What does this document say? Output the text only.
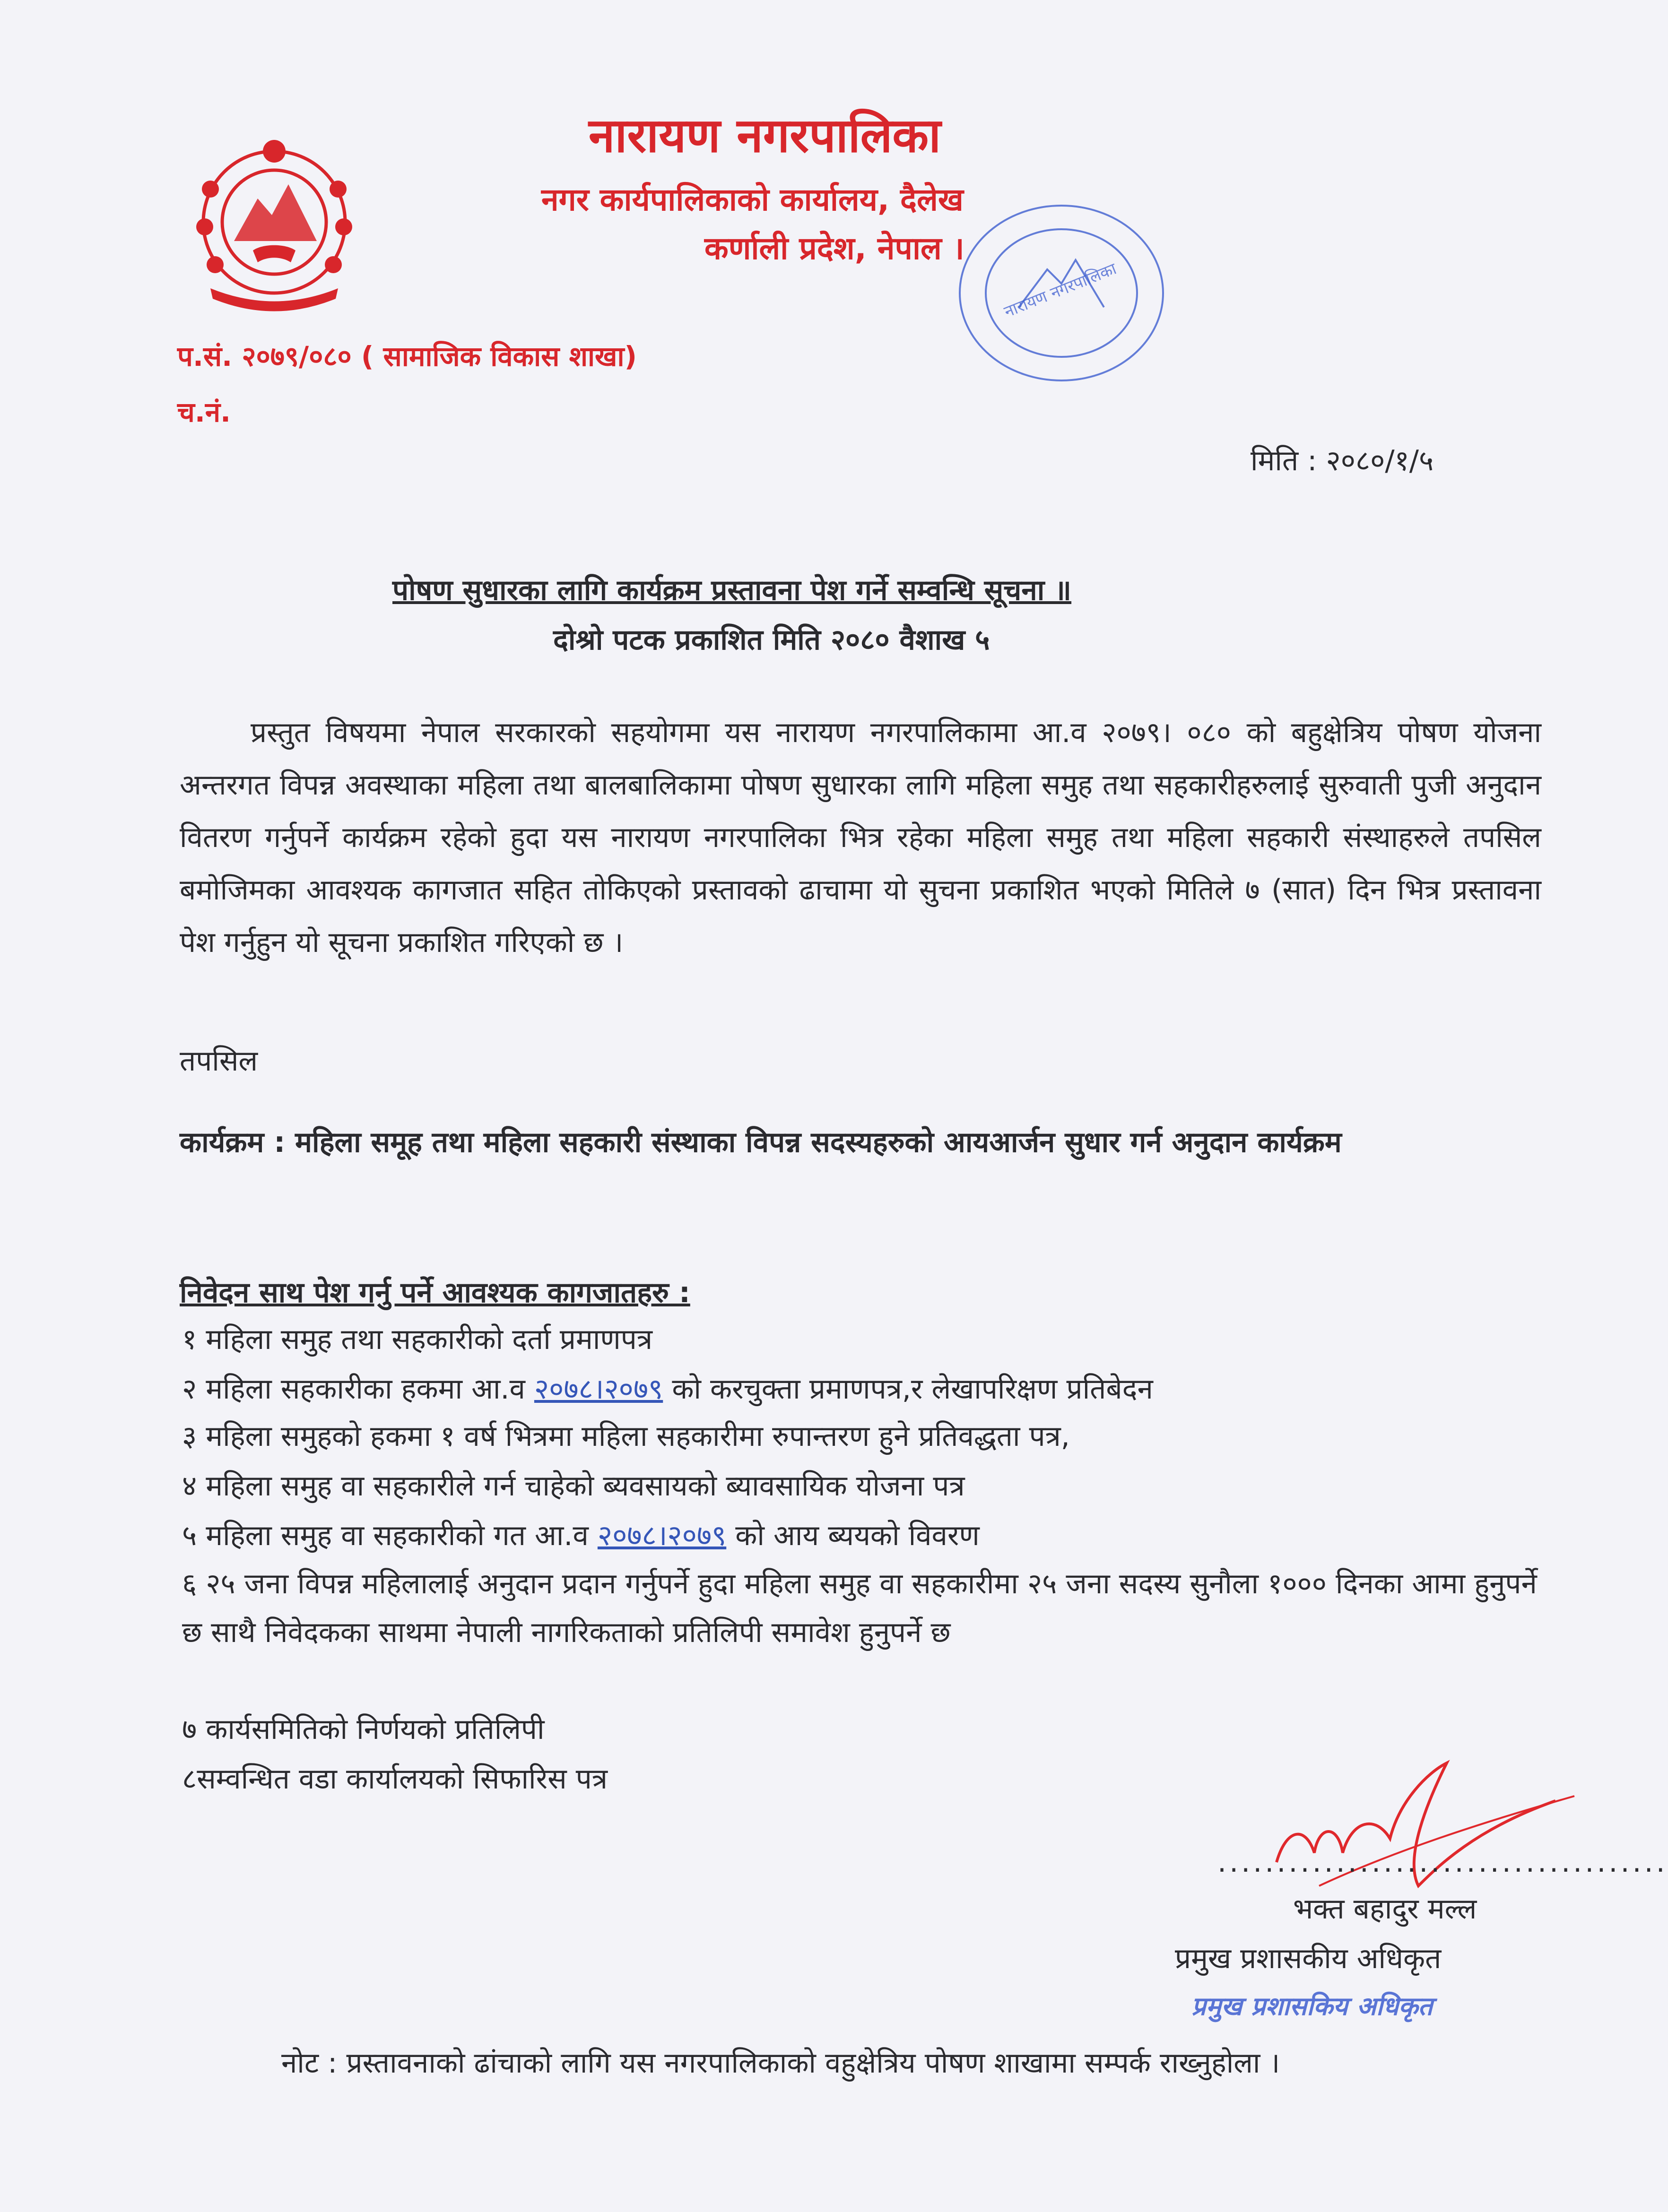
नारायण नगरपालिका
नगर कार्यपालिकाको कार्यालय, दैलेख
कर्णाली प्रदेश, नेपाल ।
नारायण नगरपालिका
प.सं. २०७९/०८० ( सामाजिक विकास शाखा)
च.नं.
मिति : २०८०/१/५
पोषण सुधारका लागि कार्यक्रम प्रस्तावना पेश गर्ने सम्वन्धि सूचना ॥
दोश्रो पटक प्रकाशित मिति २०८० वैशाख ५
प्रस्तुत विषयमा नेपाल सरकारको सहयोगमा यस नारायण नगरपालिकामा आ.व २०७९। ०८० को बहुक्षेत्रिय पोषण योजना अन्तरगत विपन्न अवस्थाका महिला तथा बालबालिकामा पोषण सुधारका लागि महिला समुह तथा सहकारीहरुलाई सुरुवाती पुजी अनुदान वितरण गर्नुपर्ने कार्यक्रम रहेको हुदा यस नारायण नगरपालिका भित्र रहेका महिला समुह तथा महिला सहकारी संस्थाहरुले तपसिल बमोजिमका आवश्यक कागजात सहित तोकिएको प्रस्तावको ढाचामा यो सुचना प्रकाशित भएको मितिले ७ (सात) दिन भित्र प्रस्तावना पेश गर्नुहुन यो सूचना प्रकाशित गरिएको छ ।
तपसिल
कार्यक्रम : महिला समूह तथा महिला सहकारी संस्थाका विपन्न सदस्यहरुको आयआर्जन सुधार गर्न अनुदान कार्यक्रम
निवेदन साथ पेश गर्नु पर्ने आवश्यक कागजातहरु :
१ महिला समुह तथा सहकारीको दर्ता प्रमाणपत्र
२ महिला सहकारीका हकमा आ.व २०७८।२०७९ को करचुक्ता प्रमाणपत्र,र लेखापरिक्षण प्रतिबेदन
३ महिला समुहको हकमा १ वर्ष भित्रमा महिला सहकारीमा रुपान्तरण हुने प्रतिवद्धता पत्र,
४ महिला समुह वा सहकारीले गर्न चाहेको ब्यवसायको ब्यावसायिक योजना पत्र
५ महिला समुह वा सहकारीको गत आ.व २०७८।२०७९ को आय ब्ययको विवरण
६ २५ जना विपन्न महिलालाई अनुदान प्रदान गर्नुपर्ने हुदा महिला समुह वा सहकारीमा २५ जना सदस्य सुनौला १००० दिनका आमा हुनुपर्ने छ साथै निवेदकका साथमा नेपाली नागरिकताको प्रतिलिपी समावेश हुनुपर्ने छ
७ कार्यसमितिको निर्णयको प्रतिलिपी
८सम्वन्धित वडा कार्यालयको सिफारिस पत्र
......................................
भक्त बहादुर मल्ल
प्रमुख प्रशासकीय अधिकृत
प्रमुख प्रशासकिय अधिकृत
नोट : प्रस्तावनाको ढांचाको लागि यस नगरपालिकाको वहुक्षेत्रिय पोषण शाखामा सम्पर्क राख्नुहोला ।
